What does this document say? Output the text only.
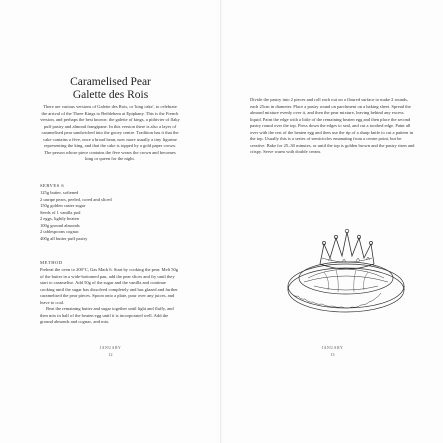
Caramelised Pear
Galette des Rois

There are various versions of Galette des Rois, or 'king cake', to celebrate the arrival of the Three Kings to Bethlehem at Epiphany. This is the French version, and perhaps the best known: the galette of kings, a pithivier of flaky puff pastry and almond frangipane. In this version there is also a layer of caramelised pear sandwiched into the gooey centre. Tradition has it that the cake contains a fève, once a broad bean, now more usually a tiny figurine representing the king, and that the cake is topped by a gold paper crown. The person whose piece contains the fève wears the crown and becomes king or queen for the night.

SERVES 6
125g butter, softened
2 unripe pears, peeled, cored and sliced
150g golden caster sugar
Seeds of 1 vanilla pod
2 eggs, lightly beaten
100g ground almonds
2 tablespoons cognac
400g all butter puff pastry
METHOD

Preheat the oven to 200°C, Gas Mark 6. Start by cooking the pear. Melt 50g of the butter in a wide-bottomed pan, add the pear slices and fry until they start to caramelise. Add 50g of the sugar and the vanilla and continue cooking until the sugar has dissolved completely and has glazed and further caramelised the pear pieces. Spoon onto a plate, pour over any juices, and leave to cool.

Beat the remaining butter and sugar together until light and fluffy, and then mix in half of the beaten egg until it is incorporated well. Add the ground almonds and cognac, and mix.

JANUARY
12

Divide the pastry into 2 pieces and roll each out on a floured surface to make 2 rounds, each 25cm in diameter. Place a pastry round on parchment on a baking sheet. Spread the almond mixture evenly over it, and then the pear mixture, leaving behind any excess liquid. Paint the edge with a little of the remaining beaten egg and then place the second pastry round over the top. Press down the edges to seal, and cut a toothed edge. Paint all over with the rest of the beaten egg and then use the tip of a sharp knife to cut a pattern in the top. Usually this is a series of semicircles emanating from a centre point, but be creative. Bake for 25–30 minutes, or until the top is golden brown and the pastry risen and crispy. Serve warm with double cream.

JANUARY
13
